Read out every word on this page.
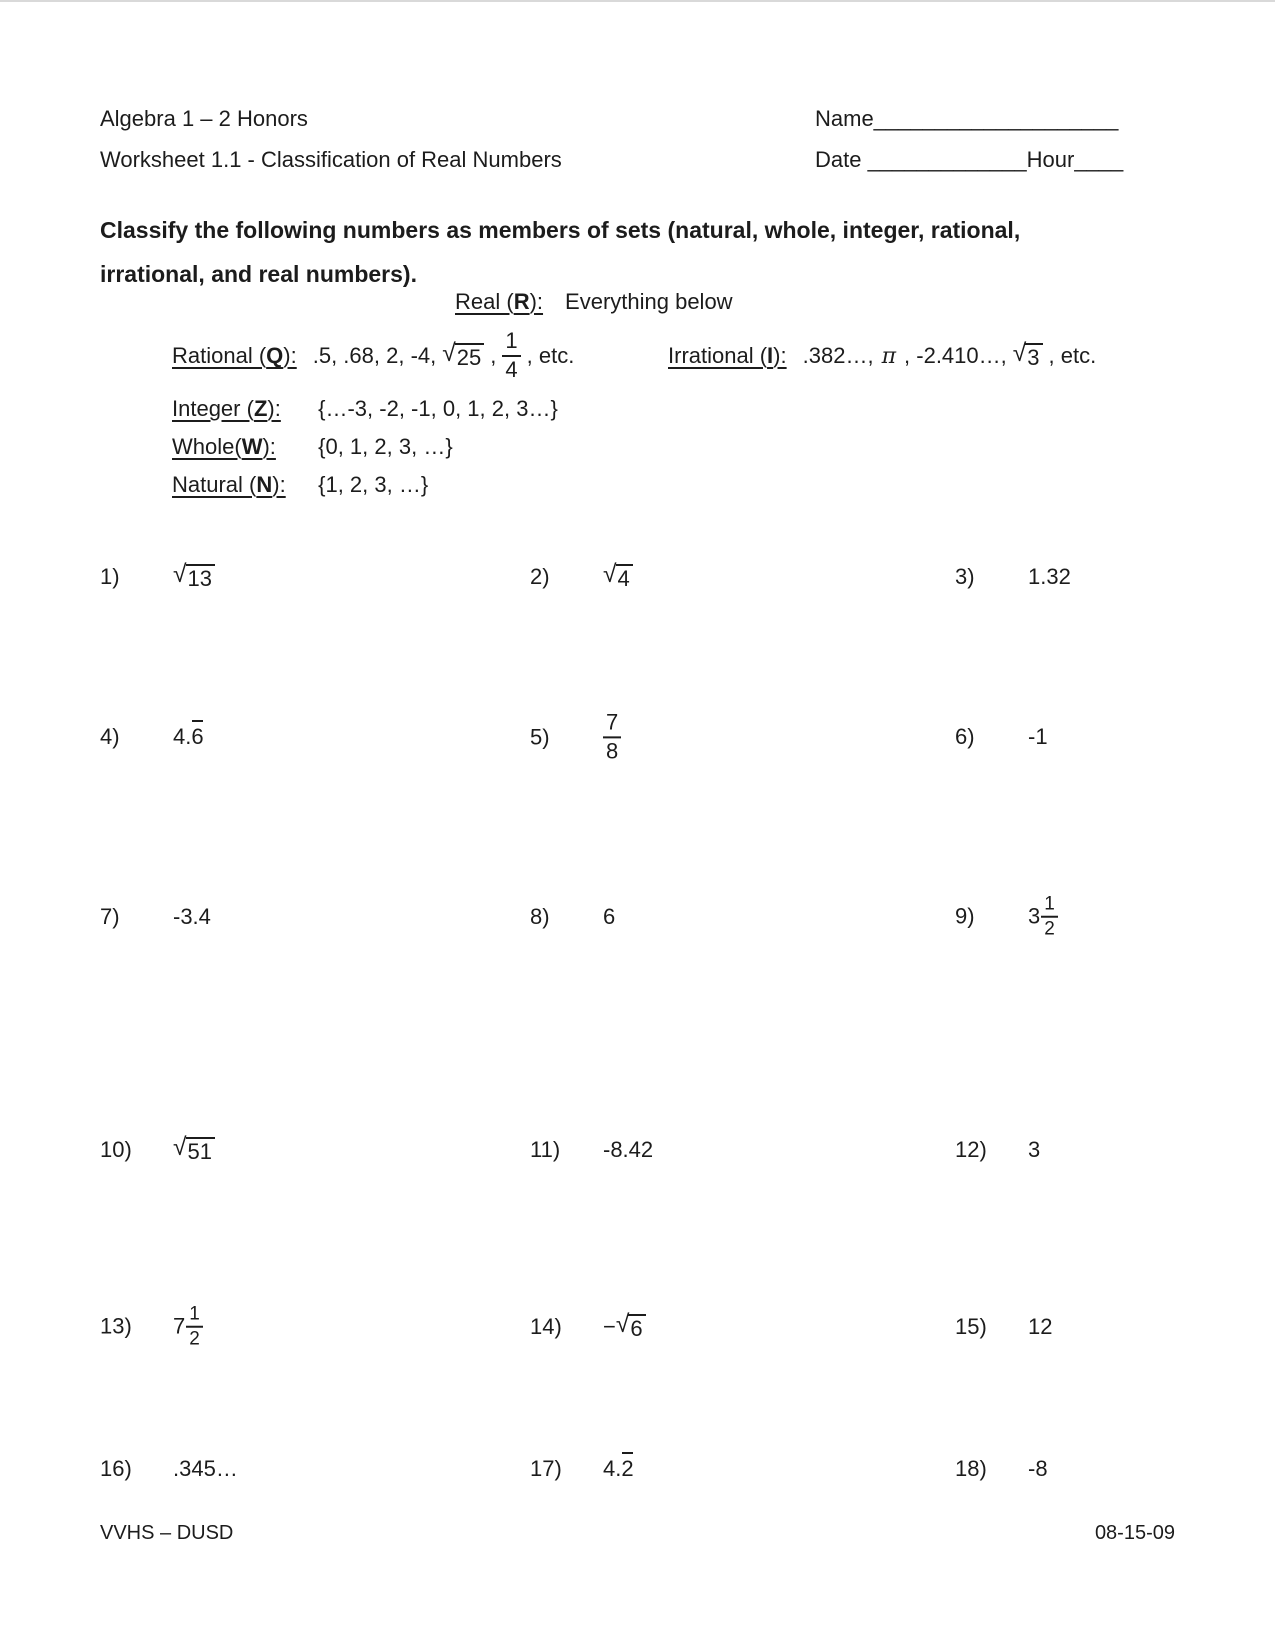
Algebra 1 – 2 Honors
Worksheet 1.1 - Classification of Real Numbers
Name____________________
Date _____________Hour____
Classify the following numbers as members of sets (natural, whole, integer, rational, irrational, and real numbers).
Real (R): Everything below
Rational (Q): .5, .68, 2, -4, √ 25 , $\frac{1}{4}$ , etc.	Irrational (I): .382…, π , -2.410…, √ 3 , etc.
Integer (Z): {…-3, -2, -1, 0, 1, 2, 3…}
Whole(W): {0, 1, 2, 3, …}
Natural (N): {1, 2, 3, …}
1)	√ 13	2)	√ 4	3)	1.32
4)	4.6	5)	$\frac{7}{8}$	6)	-1
7)	-3.4	8)	6	9)	$3 \frac{1}{2}$
10)	√ 51	11)	-8.42	12)	3
13)	$7 \frac{1}{2}$	14)	− √ 6	15)	12
16)	.345…	17)	4.2	18)	-8
VVHS – DUSD	08-15-09
